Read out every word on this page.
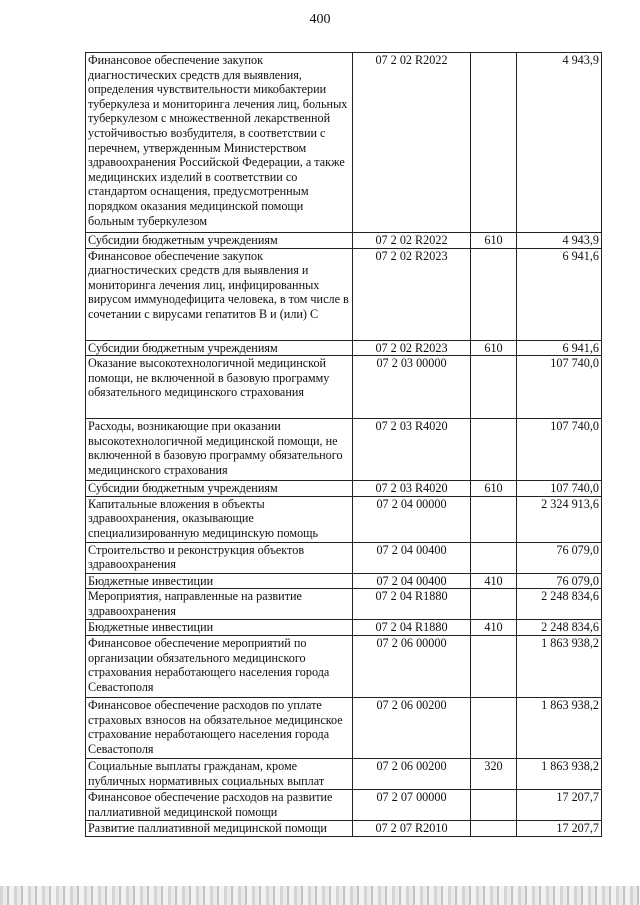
400
Финансовое обеспечение закупок диагностических средств для выявления, определения чувствительности микобактерии туберкулеза и мониторинга лечения лиц, больных туберкулезом с множественной лекарственной устойчивостью возбудителя, в соответствии с перечнем, утвержденным Министерством здравоохранения Российской Федерации, а также медицинских изделий в соответствии со стандартом оснащения, предусмотренным порядком оказания медицинской помощи больным туберкулезом	07 2 02 R2022		4 943,9
Субсидии бюджетным учреждениям	07 2 02 R2022	610	4 943,9
Финансовое обеспечение закупок диагностических средств для выявления и мониторинга лечения лиц, инфицированных вирусом иммунодефицита человека, в том числе в сочетании с вирусами гепатитов В и (или) С	07 2 02 R2023		6 941,6
Субсидии бюджетным учреждениям	07 2 02 R2023	610	6 941,6
Оказание высокотехнологичной медицинской помощи, не включенной в базовую программу обязательного медицинского страхования	07 2 03 00000		107 740,0
Расходы, возникающие при оказании высокотехнологичной медицинской помощи, не включенной в базовую программу обязательного медицинского страхования	07 2 03 R4020		107 740,0
Субсидии бюджетным учреждениям	07 2 03 R4020	610	107 740,0
Капитальные вложения в объекты здравоохранения, оказывающие специализированную медицинскую помощь	07 2 04 00000		2 324 913,6
Строительство и реконструкция объектов здравоохранения	07 2 04 00400		76 079,0
Бюджетные инвестиции	07 2 04 00400	410	76 079,0
Мероприятия, направленные на развитие здравоохранения	07 2 04 R1880		2 248 834,6
Бюджетные инвестиции	07 2 04 R1880	410	2 248 834,6
Финансовое обеспечение мероприятий по организации обязательного медицинского страхования неработающего населения города Севастополя	07 2 06 00000		1 863 938,2
Финансовое обеспечение расходов по уплате страховых взносов на обязательное медицинское страхование неработающего населения города Севастополя	07 2 06 00200		1 863 938,2
Социальные выплаты гражданам, кроме публичных нормативных социальных выплат	07 2 06 00200	320	1 863 938,2
Финансовое обеспечение расходов на развитие паллиативной медицинской помощи	07 2 07 00000		17 207,7
Развитие паллиативной медицинской помощи	07 2 07 R2010		17 207,7
